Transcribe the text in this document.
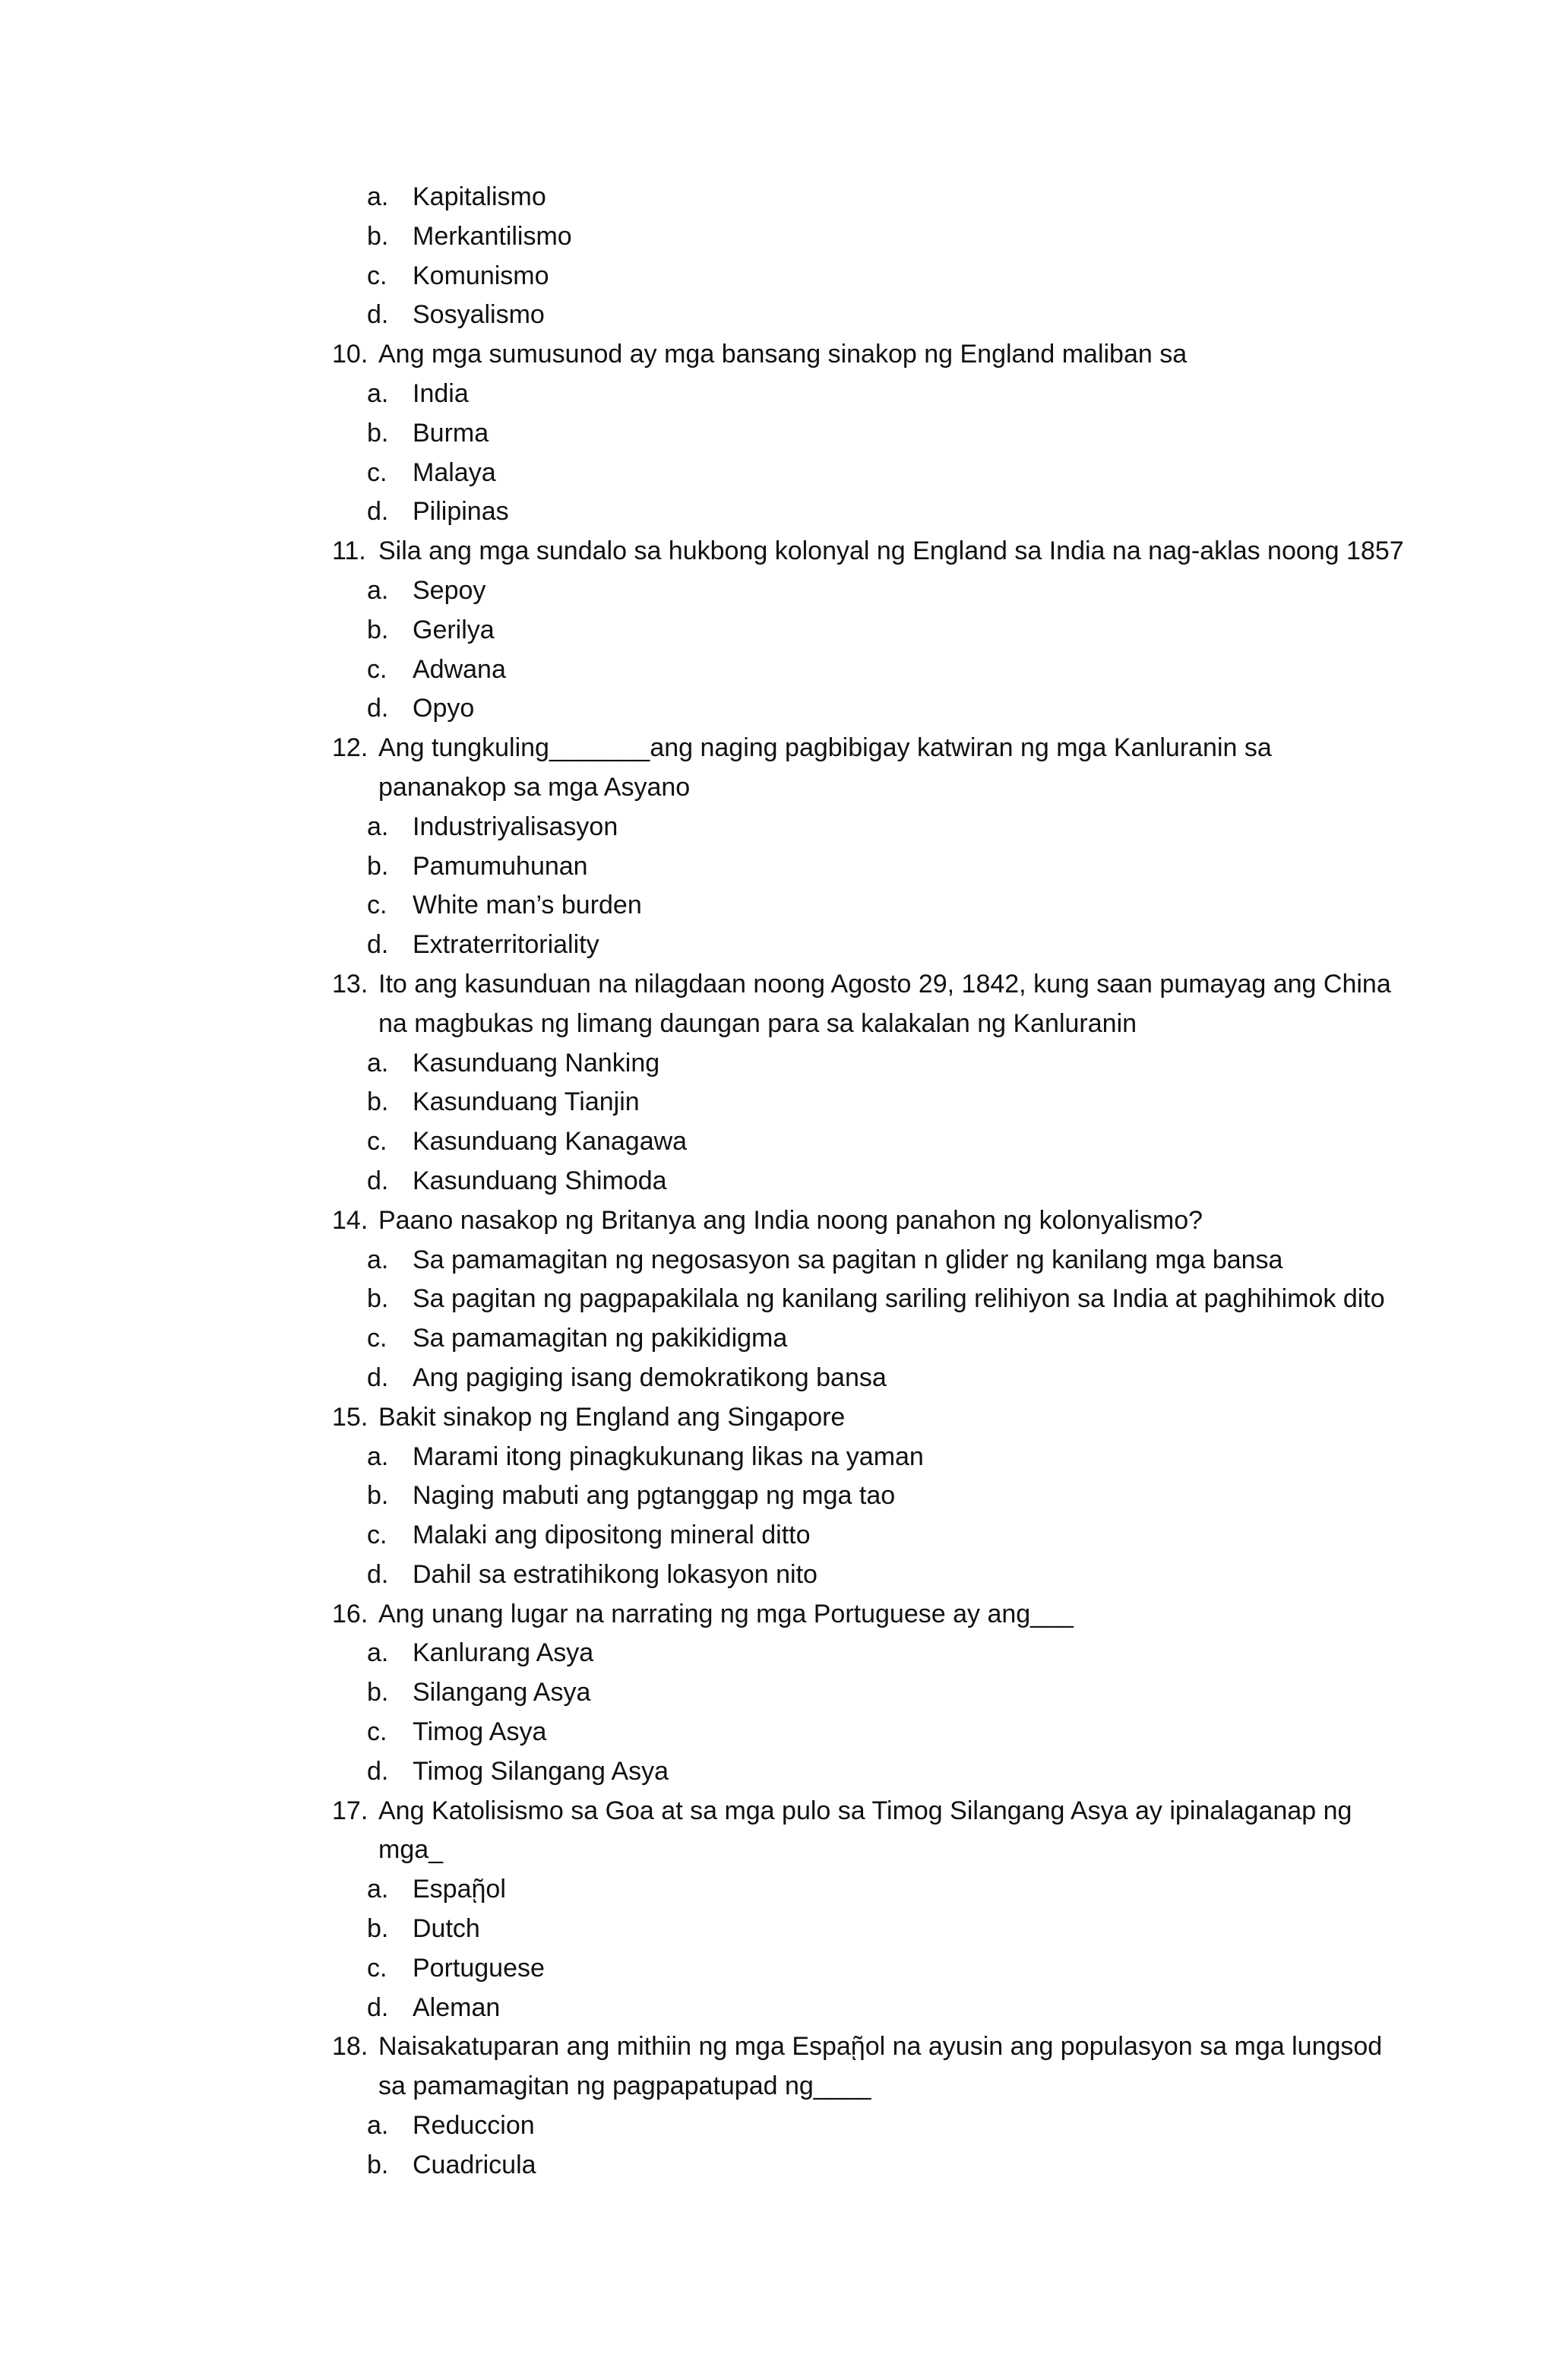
a. Kapitalismo
b. Merkantilismo
c. Komunismo
d. Sosyalismo
10. Ang mga sumusunod ay mga bansang sinakop ng England maliban sa
a. India
b. Burma
c. Malaya
d. Pilipinas
11. Sila ang mga sundalo sa hukbong kolonyal ng England sa India na nag-aklas noong 1857
a. Sepoy
b. Gerilya
c. Adwana
d. Opyo
12. Ang tungkuling_______ang naging pagbibigay katwiran ng mga Kanluranin sa
pananakop sa mga Asyano
a. Industriyalisasyon
b. Pamumuhunan
c. White man’s burden
d. Extraterritoriality
13. Ito ang kasunduan na nilagdaan noong Agosto 29, 1842, kung saan pumayag ang China
na magbukas ng limang daungan para sa kalakalan ng Kanluranin
a. Kasunduang Nanking
b. Kasunduang Tianjin
c. Kasunduang Kanagawa
d. Kasunduang Shimoda
14. Paano nasakop ng Britanya ang India noong panahon ng kolonyalismo?
a. Sa pamamagitan ng negosasyon sa pagitan n glider ng kanilang mga bansa
b. Sa pagitan ng pagpapakilala ng kanilang sariling relihiyon sa India at paghihimok dito
c. Sa pamamagitan ng pakikidigma
d. Ang pagiging isang demokratikong bansa
15. Bakit sinakop ng England ang Singapore
a. Marami itong pinagkukunang likas na yaman
b. Naging mabuti ang pgtanggap ng mga tao
c. Malaki ang dipositong mineral ditto
d. Dahil sa estratihikong lokasyon nito
16. Ang unang lugar na narrating ng mga Portuguese ay ang___
a. Kanlurang Asya
b. Silangang Asya
c. Timog Asya
d. Timog Silangang Asya
17. Ang Katolisismo sa Goa at sa mga pulo sa Timog Silangang Asya ay ipinalaganap ng
mga_
a. Espaῇol
b. Dutch
c. Portuguese
d. Aleman
18. Naisakatuparan ang mithiin ng mga Espaῇol na ayusin ang populasyon sa mga lungsod
sa pamamagitan ng pagpapatupad ng____
a. Reduccion
b. Cuadricula
